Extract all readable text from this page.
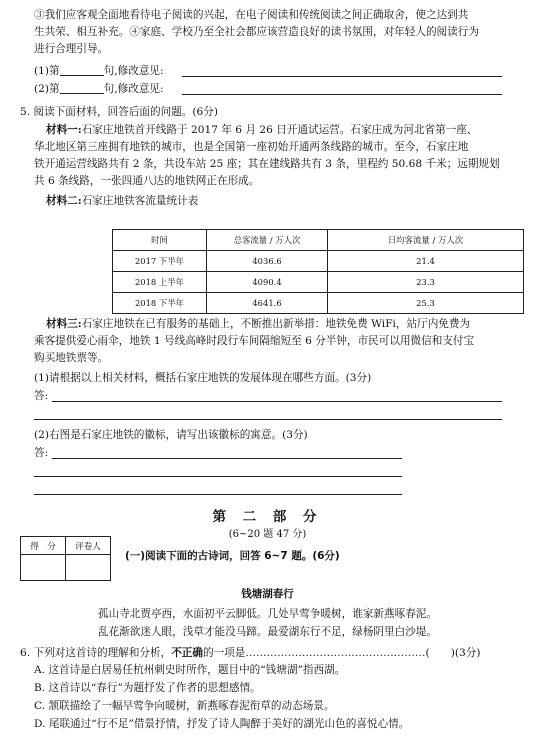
③我们应客观全面地看待电子阅读的兴起，在电子阅读和传统阅读之间正确取舍，使之达到共
生共荣、相互补充。④家庭、学校乃至全社会都应该营造良好的读书氛围，对年轻人的阅读行为
进行合理引导。
(1)第	句,修改意见:
(2)第	句,修改意见:
5. 阅读下面材料，回答后面的问题。(6分)
材料一:石家庄地铁首开线路于 2017 年 6 月 26 日开通试运营。石家庄成为河北省第一座、
华北地区第三座拥有地铁的城市，也是全国第一座初始开通两条线路的城市。至今，石家庄地
铁开通运营线路共有 2 条，共设车站 25 座；其在建线路共有 3 条，里程约 50.68 千米；远期规划
共 6 条线路，一张四通八达的地铁网正在形成。
材料二:石家庄地铁客流量统计表
时间	总客流量 / 万人次	日均客流量 / 万人次
2017 下半年	4036.6	21.4
2018 上半年	4090.4	23.3
2018 下半年	4641.6	25.3
材料三:石家庄地铁在已有服务的基础上，不断推出新举措：地铁免费 WiFi，站厅内免费为
乘客提供爱心雨伞，地铁 1 号线高峰时段行车间隔缩短至 6 分半钟，市民可以用微信和支付宝
购买地铁票等。
(1)请根据以上相关材料，概括石家庄地铁的发展体现在哪些方面。(3分)
答:
(2)右图是石家庄地铁的徽标，请写出该徽标的寓意。(3分)
答:
第 二 部 分
(6~20 题 47 分)
得　分	评卷人

(一)阅读下面的古诗词，回答 6~7 题。(6分)
钱塘湖春行
孤山寺北贾亭西，水面初平云脚低。几处早莺争暖树，谁家新燕啄春泥。
乱花渐欲迷人眼，浅草才能没马蹄。最爱湖东行不足，绿杨阴里白沙堤。
6. 下列对这首诗的理解和分析，不正确的一项是……………………………………………(　　)(3分)
A. 这首诗是白居易任杭州刺史时所作，题目中的“钱塘湖”指西湖。
B. 这首诗以“春行”为题抒发了作者的思想感情。
C. 颔联描绘了一幅早莺争向暖树，新燕啄春泥衔草的动态场景。
D. 尾联通过“行不足”借景抒情，抒发了诗人陶醉于美好的湖光山色的喜悦心情。
